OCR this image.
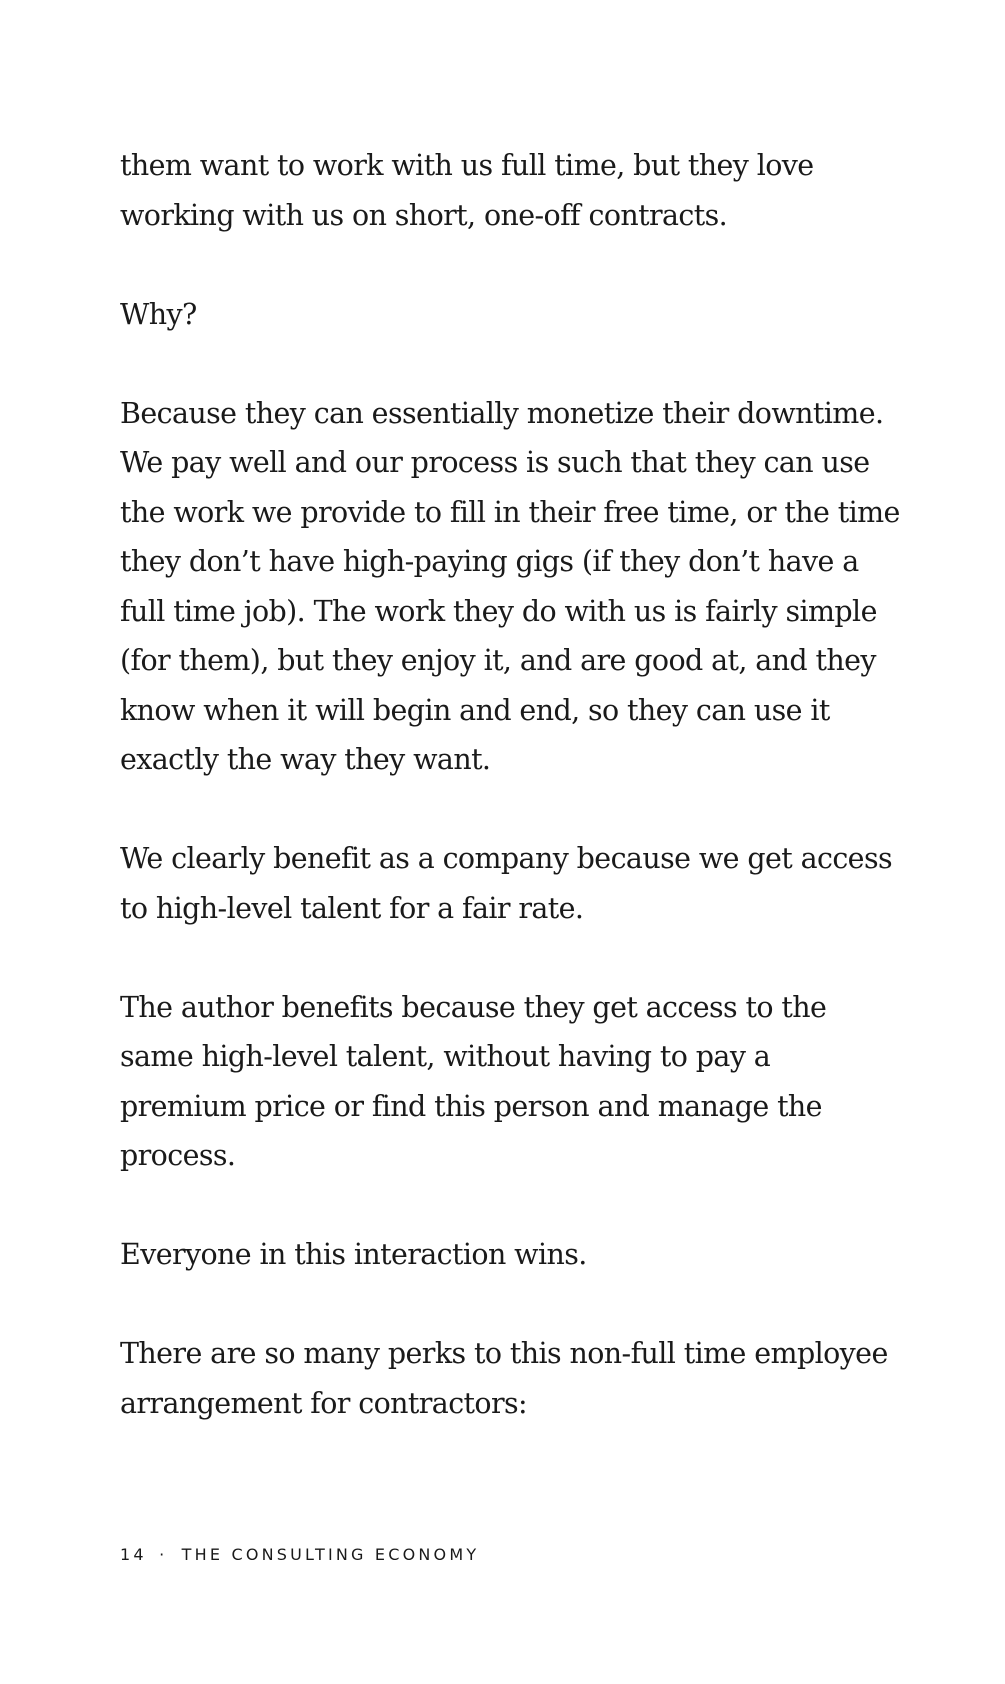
them want to work with us full time, but they love working with us on short, one-off contracts.

Why?

Because they can essentially monetize their downtime. We pay well and our process is such that they can use the work we provide to fill in their free time, or the time they don’t have high-paying gigs (if they don’t have a full time job). The work they do with us is fairly simple (for them), but they enjoy it, and are good at, and they know when it will begin and end, so they can use it exactly the way they want.

We clearly benefit as a company because we get access to high-level talent for a fair rate.

The author benefits because they get access to the same high-level talent, without having to pay a premium price or find this person and manage the process.

Everyone in this interaction wins.

There are so many perks to this non-full time employee arrangement for contractors:

14 · THE CONSULTING ECONOMY
